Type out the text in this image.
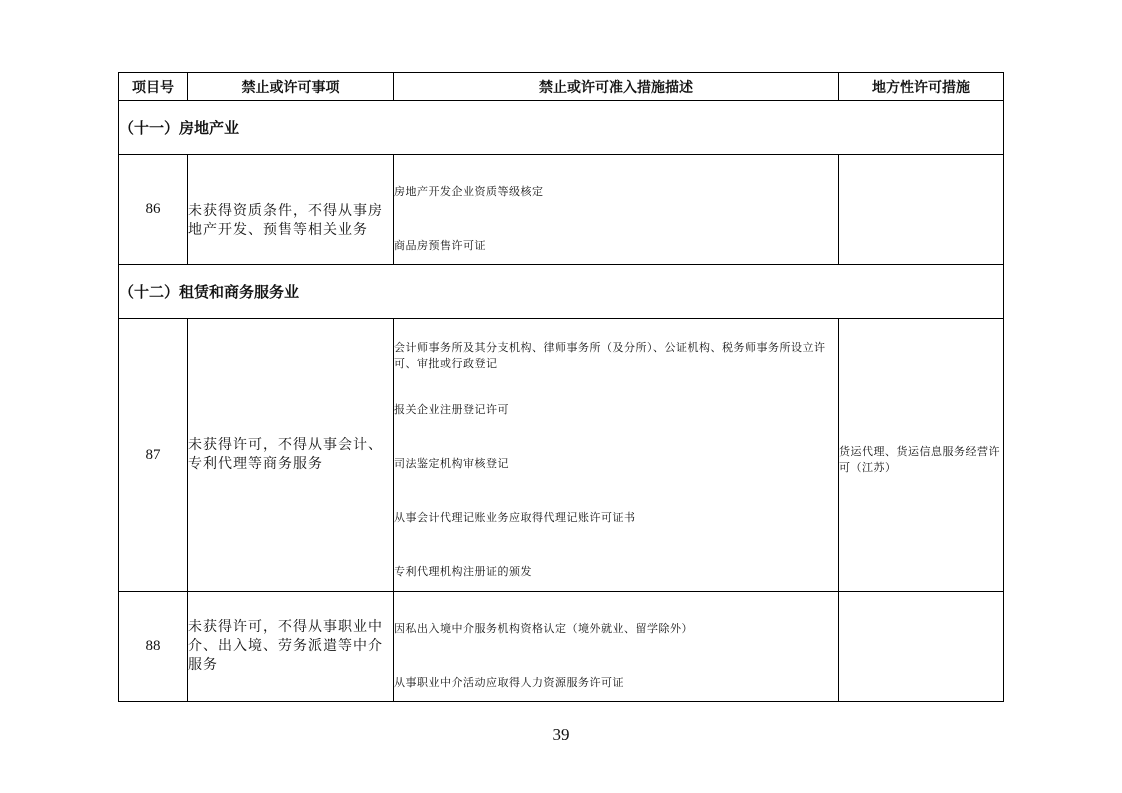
项目号	禁止或许可事项	禁止或许可准入措施描述	地方性许可措施
（十一）房地产业			
86	未获得资质条件，不得从事房地产开发、预售等相关业务	房地产开发企业资质等级核定
商品房预售许可证	

（十二）租赁和商务服务业			
87	未获得许可，不得从事会计、专利代理等商务服务	会计师事务所及其分支机构、律师事务所（及分所）、公证机构、税务师事务所设立许可、审批或行政登记
报关企业注册登记许可
司法鉴定机构审核登记
从事会计代理记账业务应取得代理记账许可证书
专利代理机构注册证的颁发	货运代理、货运信息服务经营许可（江苏）

88	未获得许可，不得从事职业中介、出入境、劳务派遣等中介服务	因私出入境中介服务机构资格认定（境外就业、留学除外）
从事职业中介活动应取得人力资源服务许可证	

39
